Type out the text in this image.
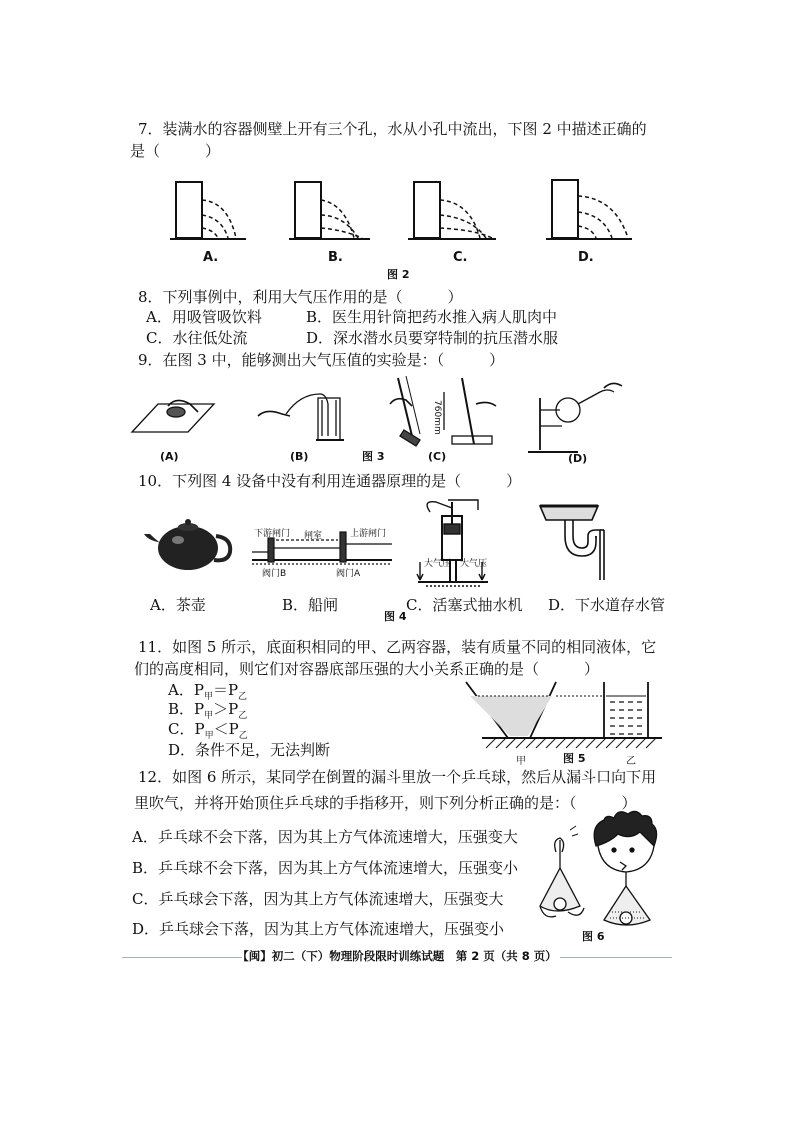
7．装满水的容器侧壁上开有三个孔，水从小孔中流出，下图 2 中描述正确的
是（　　　）
A.	B.	C.	D.
图 2
8．下列事例中，利用大气压作用的是（　　　）
A．用吸管吸饮料	B．医生用针筒把药水推入病人肌肉中
C．水往低处流	D．深水潜水员要穿特制的抗压潜水服
9．在图 3 中，能够测出大气压值的实验是：（　　　）
760mm
(A)	(B)	图 3	(C)	(D)
10．下列图 4 设备中没有利用连通器原理的是（　　　）
下游闸门 闸室	上游闸门
阀门B	阀门A
大气压 大气压
A．茶壶	B．船闸	C．活塞式抽水机 D．下水道存水管
图 4
11．如图 5 所示，底面积相同的甲、乙两容器，装有质量不同的相同液体，它
们的高度相同，则它们对容器底部压强的大小关系正确的是（　　　）
A．$P_甲=P_乙$
B．$P_甲>P_乙$
C．$P_甲<P_乙$
D．条件不足，无法判断
甲	图 5	乙
12．如图 6 所示，某同学在倒置的漏斗里放一个乒乓球，然后从漏斗口向下用
里吹气，并将开始顶住乒乓球的手指移开，则下列分析正确的是：（　　　）
A．乒乓球不会下落，因为其上方气体流速增大，压强变大
B．乒乓球不会下落，因为其上方气体流速增大，压强变小
C．乒乓球会下落，因为其上方气体流速增大，压强变大
D．乒乓球会下落，因为其上方气体流速增大，压强变小	图 6
【闽】初二（下）物理阶段限时训练试题　第 2 页（共 8 页）
